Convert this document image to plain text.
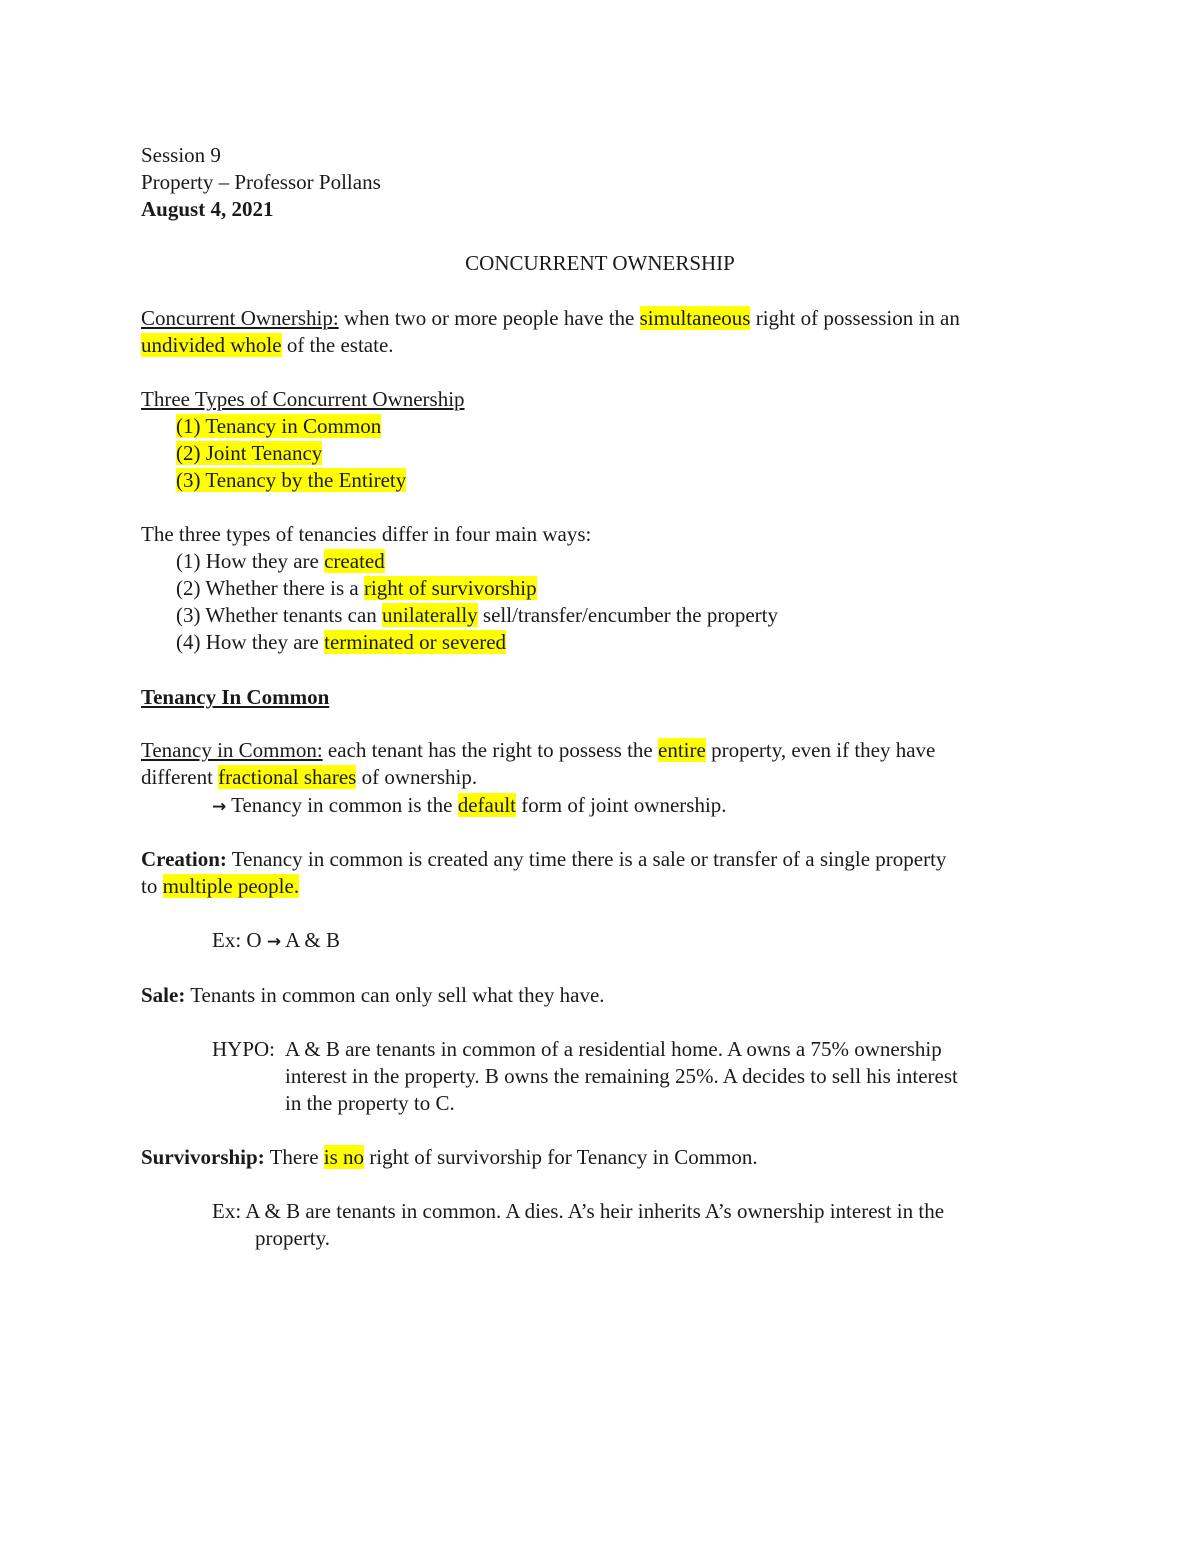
Session 9
Property – Professor Pollans
August 4, 2021
CONCURRENT OWNERSHIP
Concurrent Ownership: when two or more people have the simultaneous right of possession in an
undivided whole of the estate.
Three Types of Concurrent Ownership
(1) Tenancy in Common
(2) Joint Tenancy
(3) Tenancy by the Entirety
The three types of tenancies differ in four main ways:
(1) How they are created
(2) Whether there is a right of survivorship
(3) Whether tenants can unilaterally sell/transfer/encumber the property
(4) How they are terminated or severed
Tenancy In Common
Tenancy in Common: each tenant has the right to possess the entire property, even if they have
different fractional shares of ownership.
→ Tenancy in common is the default form of joint ownership.
Creation: Tenancy in common is created any time there is a sale or transfer of a single property
to multiple people.
Ex: O → A & B
Sale: Tenants in common can only sell what they have.
HYPO: A & B are tenants in common of a residential home. A owns a 75% ownership
interest in the property. B owns the remaining 25%. A decides to sell his interest
in the property to C.
Survivorship: There is no right of survivorship for Tenancy in Common.
Ex: A & B are tenants in common. A dies. A’s heir inherits A’s ownership interest in the
property.
